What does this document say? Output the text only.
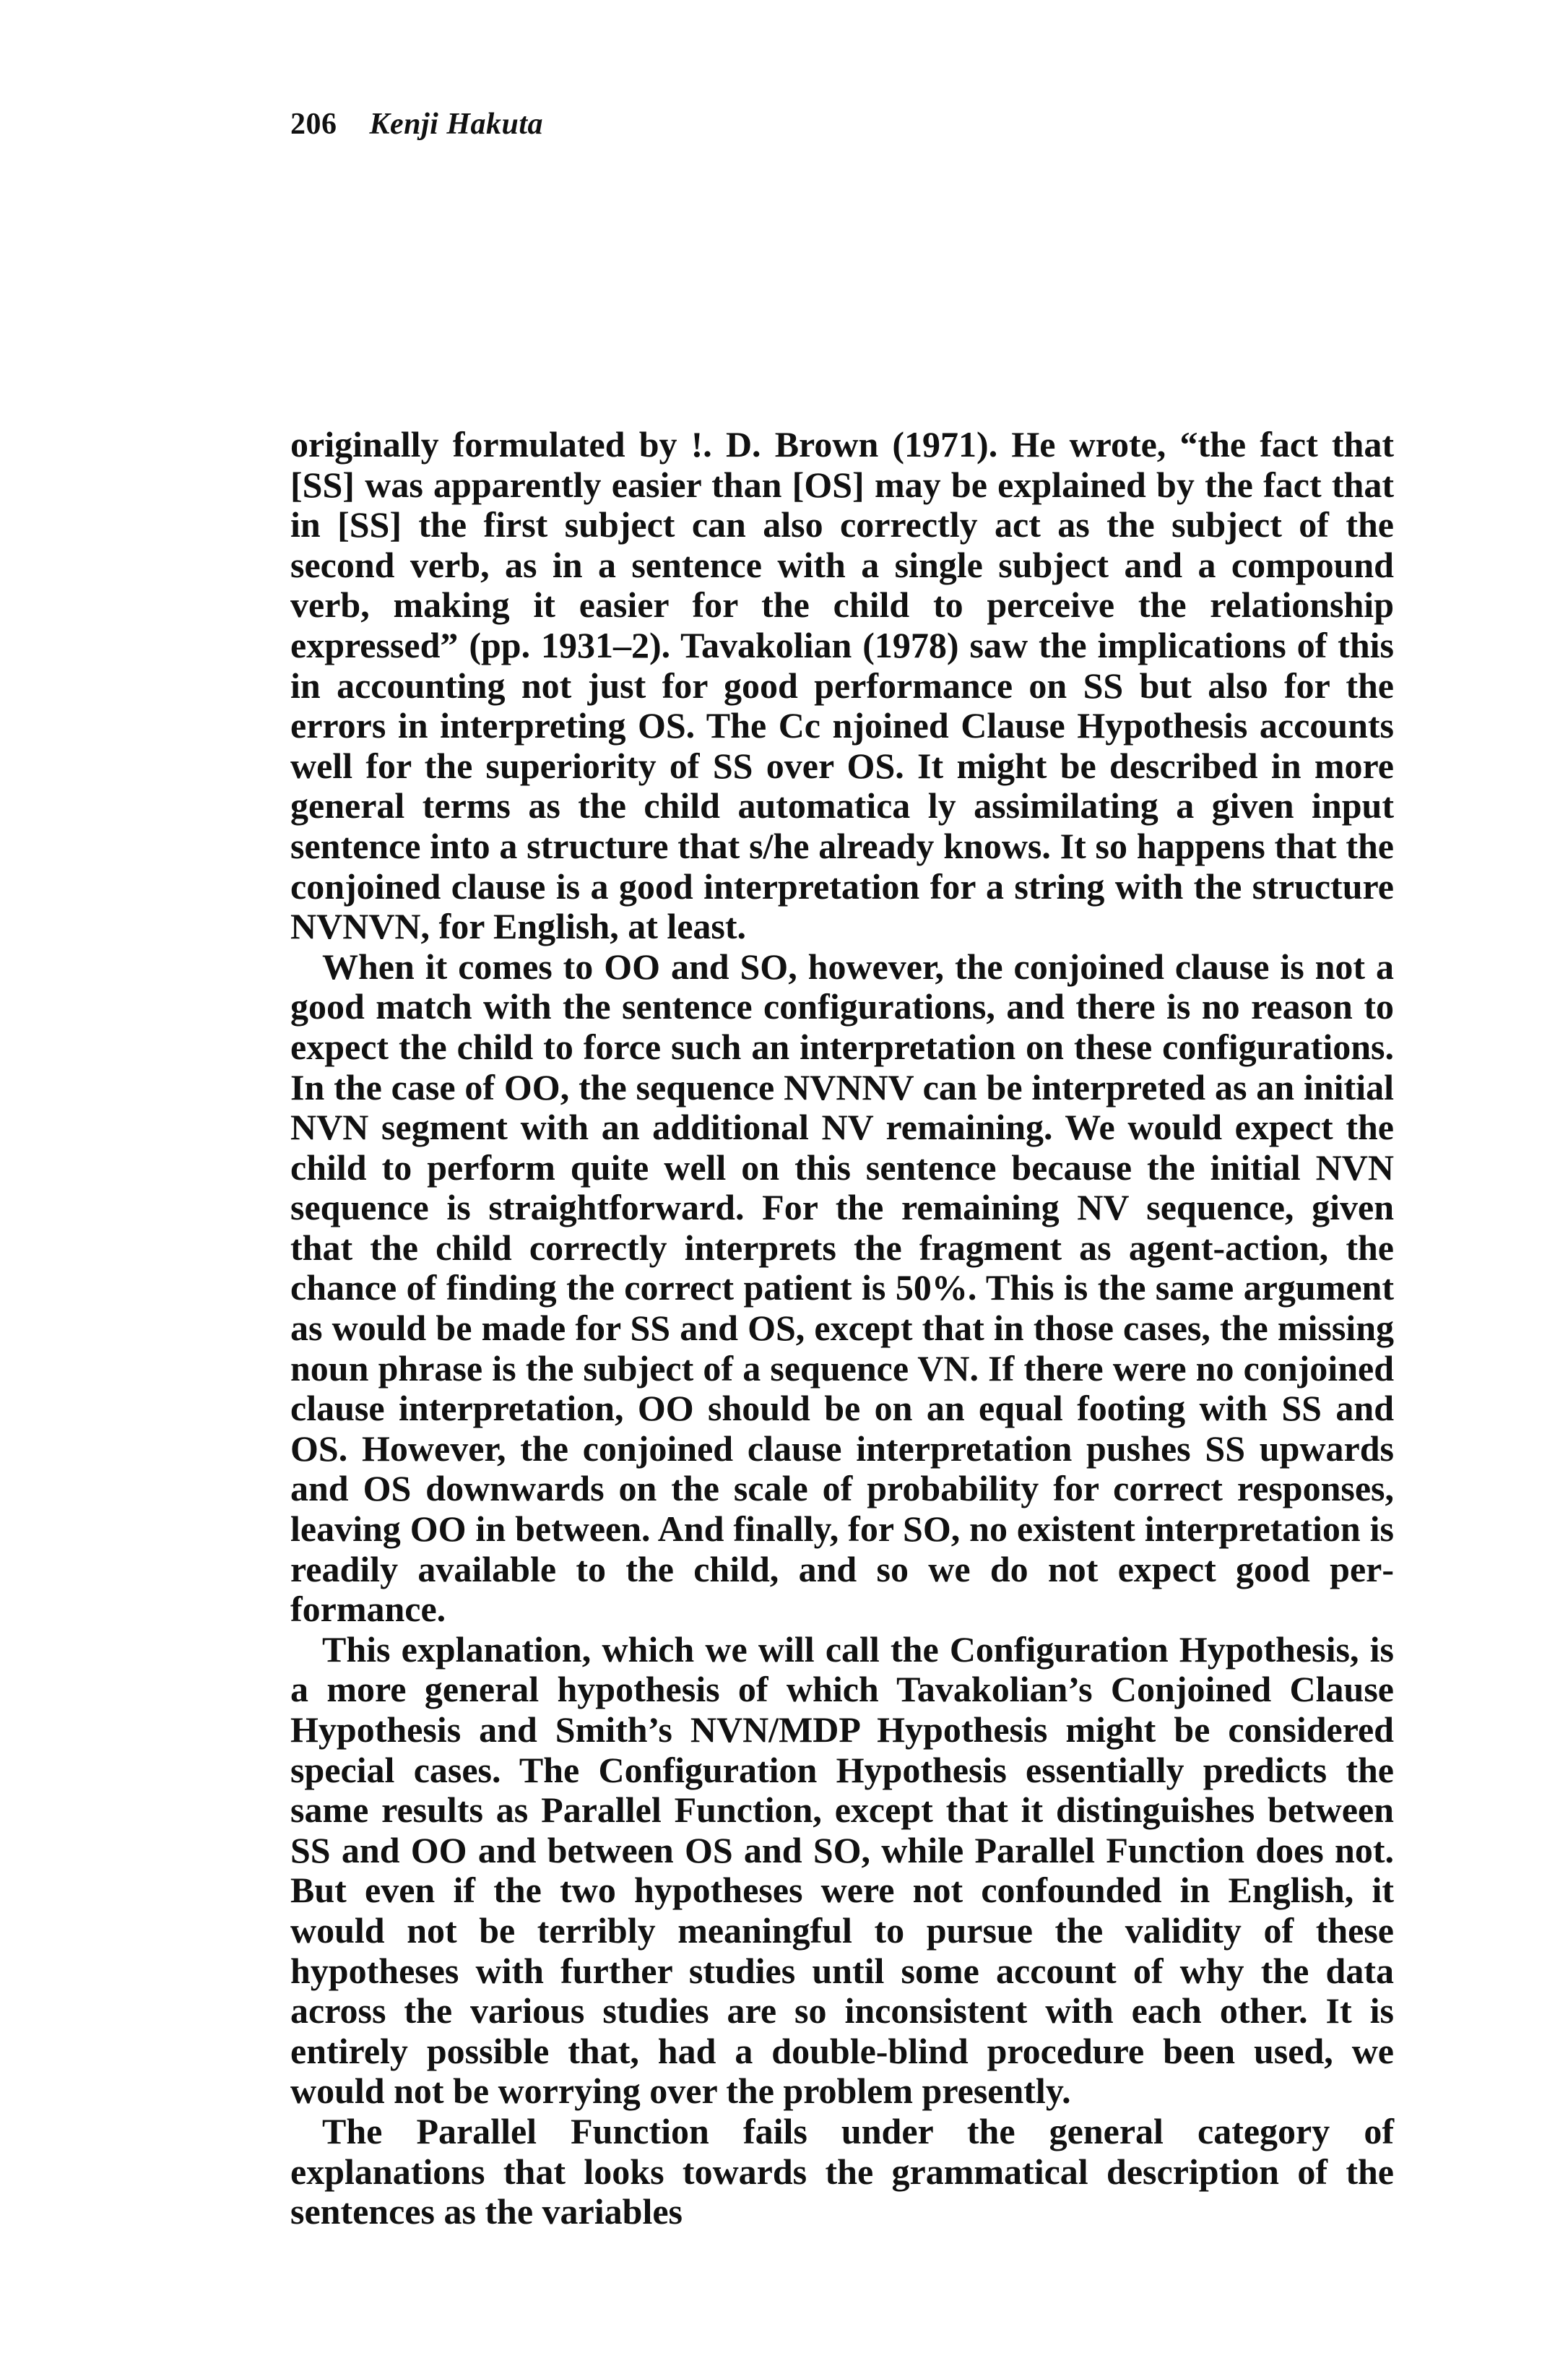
206 Kenji Hakuta

originally formulated by !. D. Brown (1971). He wrote, “the fact that [SS] was apparently easier than [OS] may be explained by the fact that in [SS] the first subject can also correctly act as the subject of the second verb, as in a sentence with a single subject and a compound verb, making it easier for the child to perceive the relationship expressed” (pp. 1931–2). Tavakolian (1978) saw the implications of this in accounting not just for good performance on SS but also for the errors in interpreting OS. The Cc njoined Clause Hypothesis accounts well for the superiority of SS over OS. It might be described in more general terms as the child automatica ly assimilating a given input sentence into a structure that s/he already knows. It so happens that the conjoined clause is a good interpretation for a string with the structure NVNVN, for English, at least.

When it comes to OO and SO, however, the conjoined clause is not a good match with the sentence configurations, and there is no reason to expect the child to force such an interpretation on these configurations. In the case of OO, the sequence NVNNV can be interpreted as an initial NVN segment with an additional NV remaining. We would expect the child to perform quite well on this sentence because the initial NVN sequence is straightforward. For the remaining NV sequence, given that the child correctly interprets the fragment as agent-action, the chance of finding the correct patient is 50%. This is the same argument as would be made for SS and OS, except that in those cases, the missing noun phrase is the subject of a sequence VN. If there were no conjoined clause interpretation, OO should be on an equal footing with SS and OS. However, the conjoined clause interpretation pushes SS upwards and OS downwards on the scale of probability for correct responses, leaving OO in between. And finally, for SO, no existent interpretation is readily available to the child, and so we do not expect good performance.

This explanation, which we will call the Configuration Hypothesis, is a more general hypothesis of which Tavakolian’s Conjoined Clause Hypothesis and Smith’s NVN/MDP Hypothesis might be considered special cases. The Configuration Hypothesis essentially predicts the same results as Parallel Function, except that it distinguishes between SS and OO and between OS and SO, while Parallel Function does not. But even if the two hypotheses were not confounded in English, it would not be terribly meaningful to pursue the validity of these hypotheses with further studies until some account of why the data across the various studies are so inconsistent with each other. It is entirely possible that, had a double-blind procedure been used, we would not be worrying over the problem presently.

The Parallel Function fails under the general category of explanations that looks towards the grammatical description of the sentences as the variables
